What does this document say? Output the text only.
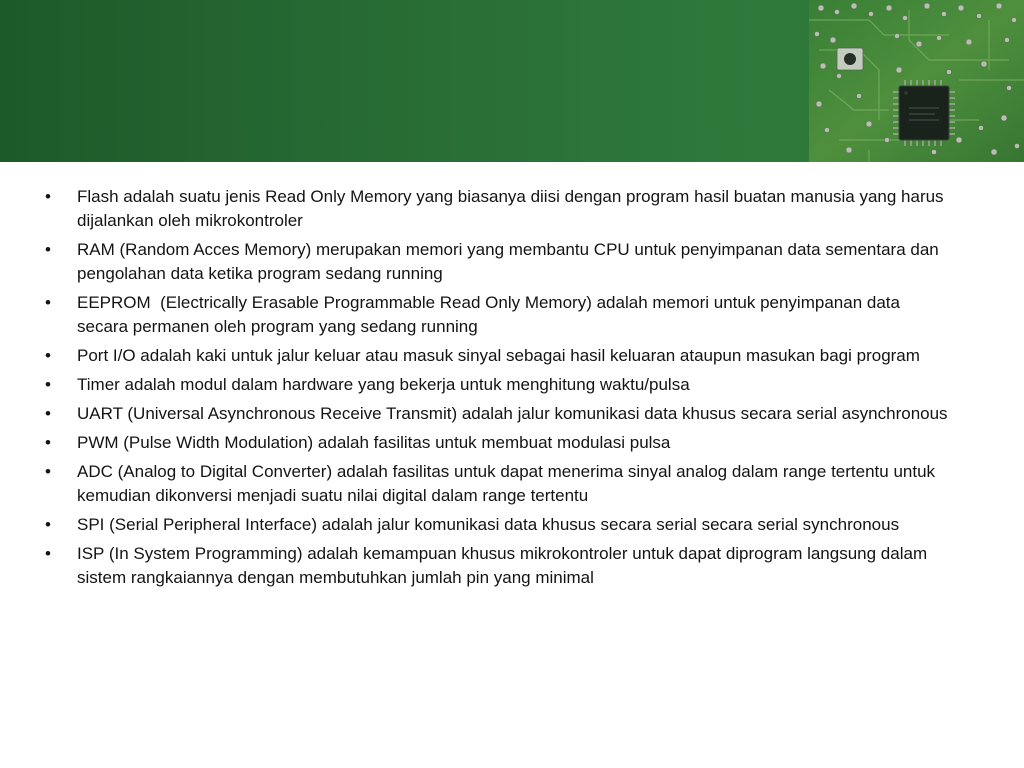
•	Flash adalah suatu jenis Read Only Memory yang biasanya diisi dengan program hasil buatan manusia yang harus dijalankan oleh mikrokontroler
•	RAM (Random Acces Memory) merupakan memori yang membantu CPU untuk penyimpanan data sementara dan pengolahan data ketika program sedang running
•	EEPROM  (Electrically Erasable Programmable Read Only Memory) adalah memori untuk penyimpanan data secara permanen oleh program yang sedang running
•	Port I/O adalah kaki untuk jalur keluar atau masuk sinyal sebagai hasil keluaran ataupun masukan bagi program
•	Timer adalah modul dalam hardware yang bekerja untuk menghitung waktu/pulsa
•	UART (Universal Asynchronous Receive Transmit) adalah jalur komunikasi data khusus secara serial asynchronous
•	PWM (Pulse Width Modulation) adalah fasilitas untuk membuat modulasi pulsa
•	ADC (Analog to Digital Converter) adalah fasilitas untuk dapat menerima sinyal analog dalam range tertentu untuk kemudian dikonversi menjadi suatu nilai digital dalam range tertentu
•	SPI (Serial Peripheral Interface) adalah jalur komunikasi data khusus secara serial secara serial synchronous
•	ISP (In System Programming) adalah kemampuan khusus mikrokontroler untuk dapat diprogram langsung dalam sistem rangkaiannya dengan membutuhkan jumlah pin yang minimal
